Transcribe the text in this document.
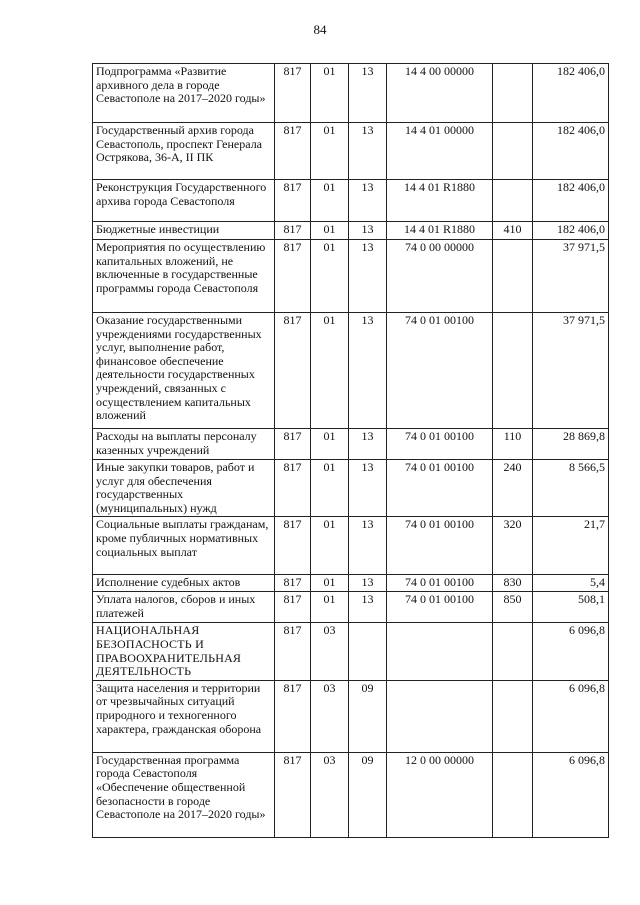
84
Подпрограмма «Развитие архивного дела в городе Севастополе на 2017–2020 годы»	817	01	13	14 4 00 00000		182 406,0
Государственный архив города Севастополь, проспект Генерала Острякова, 36-А, II ПК	817	01	13	14 4 01 00000		182 406,0
Реконструкция Государственного архива города Севастополя	817	01	13	14 4 01 R1880		182 406,0
Бюджетные инвестиции	817	01	13	14 4 01 R1880	410	182 406,0
Мероприятия по осуществлению капитальных вложений, не включенные в государственные программы города Севастополя	817	01	13	74 0 00 00000		37 971,5
Оказание государственными учреждениями государственных услуг, выполнение работ, финансовое обеспечение деятельности государственных учреждений, связанных с осуществлением капитальных вложений	817	01	13	74 0 01 00100		37 971,5
Расходы на выплаты персоналу казенных учреждений	817	01	13	74 0 01 00100	110	28 869,8
Иные закупки товаров, работ и услуг для обеспечения государственных (муниципальных) нужд	817	01	13	74 0 01 00100	240	8 566,5
Социальные выплаты гражданам, кроме публичных нормативных социальных выплат	817	01	13	74 0 01 00100	320	21,7
Исполнение судебных актов	817	01	13	74 0 01 00100	830	5,4
Уплата налогов, сборов и иных платежей	817	01	13	74 0 01 00100	850	508,1
НАЦИОНАЛЬНАЯ БЕЗОПАСНОСТЬ И ПРАВООХРАНИТЕЛЬНАЯ ДЕЯТЕЛЬНОСТЬ	817	03				6 096,8
Защита населения и территории от чрезвычайных ситуаций природного и техногенного характера, гражданская оборона	817	03	09			6 096,8
Государственная программа города Севастополя «Обеспечение общественной безопасности в городе Севастополе на 2017–2020 годы»	817	03	09	12 0 00 00000		6 096,8
